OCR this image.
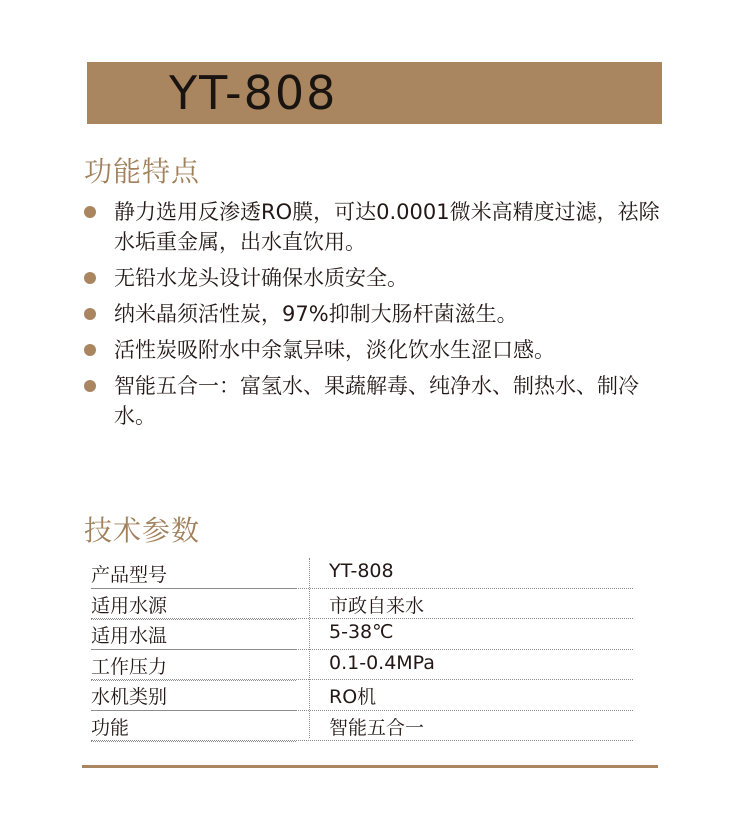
YT-808
功能特点
静力选用反渗透RO膜，可达0.0001微米高精度过滤，祛除水垢重金属，出水直饮用。
无铅水龙头设计确保水质安全。
纳米晶须活性炭，97%抑制大肠杆菌滋生。
活性炭吸附水中余氯异味，淡化饮水生涩口感。
智能五合一：富氢水、果蔬解毒、纯净水、制热水、制冷水。
技术参数
产品型号	YT-808
适用水源	市政自来水
适用水温	5-38℃
工作压力	0.1-0.4MPa
水机类别	RO机
功能	智能五合一
